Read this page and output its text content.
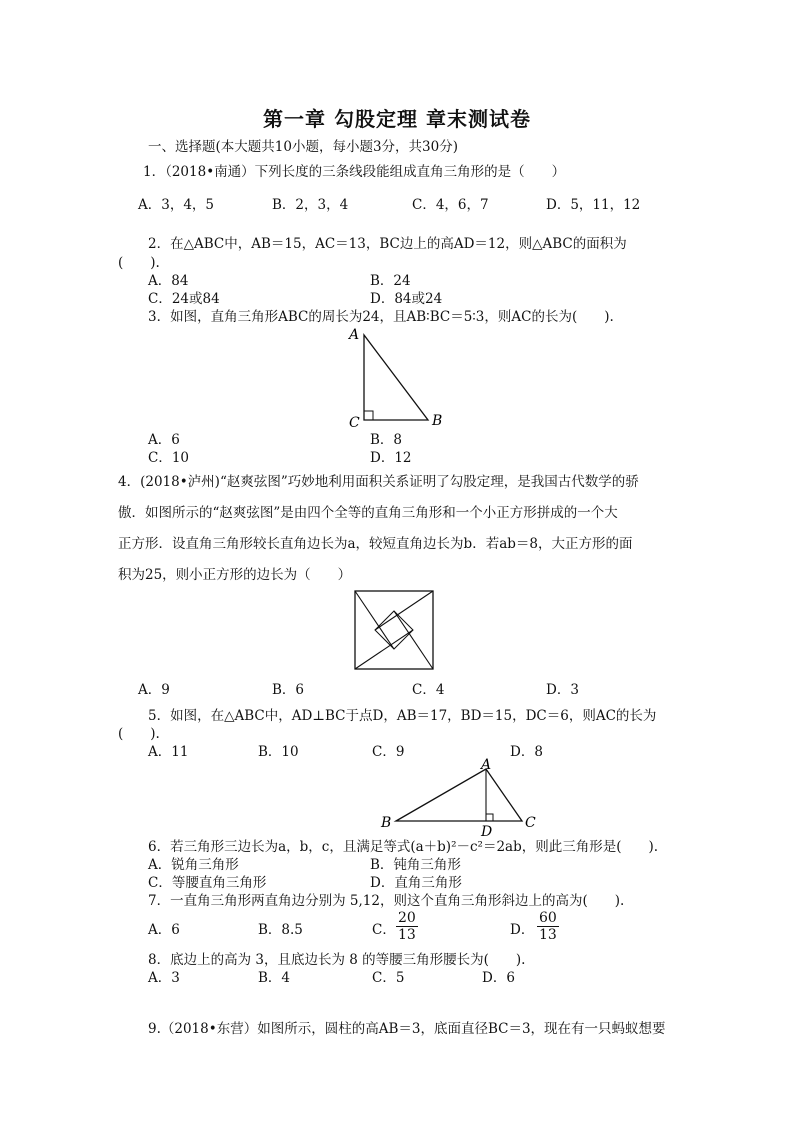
第一章 勾股定理 章末测试卷
一、选择题(本大题共10小题，每小题3分，共30分)
1．（2018•南通）下列长度的三条线段能组成直角三角形的是（　　）
A．3，4，5	B．2，3，4	C．4，6，7	D．5，11，12
2．在△ABC中，AB＝15，AC＝13，BC边上的高AD＝12，则△ABC的面积为
(　　).
A．84	B．24
C．24或84	D．84或24
3．如图，直角三角形ABC的周长为24，且AB∶BC＝5∶3，则AC的长为(　　).
A
C	B
A．6	B．8
C．10	D．12
4．(2018•泸州)“赵爽弦图”巧妙地利用面积关系证明了勾股定理，是我国古代数学的骄
傲．如图所示的“赵爽弦图”是由四个全等的直角三角形和一个小正方形拼成的一个大
正方形．设直角三角形较长直角边长为a，较短直角边长为b．若ab＝8，大正方形的面
积为25，则小正方形的边长为（　　）
A．9	B．6	C．4	D．3
5．如图，在△ABC中，AD⊥BC于点D，AB＝17，BD＝15，DC＝6，则AC的长为
(　　).
A．11	B．10	C．9	D．8
A
B	C
D
6．若三角形三边长为a，b，c，且满足等式(a＋b)²－c²＝2ab，则此三角形是(　　).
A．锐角三角形	B．钝角三角形
C．等腰直角三角形	D．直角三角形
7．一直角三角形两直角边分别为 5,12，则这个直角三角形斜边上的高为(　　).
A．6	B．8.5	C． $\frac{20}{13}$	D． $\frac{60}{13}$
8．底边上的高为 3，且底边长为 8 的等腰三角形腰长为(　　).
A．3	B．4	C．5	D．6
9.（2018•东营）如图所示，圆柱的高AB＝3，底面直径BC＝3，现在有一只蚂蚁想要
